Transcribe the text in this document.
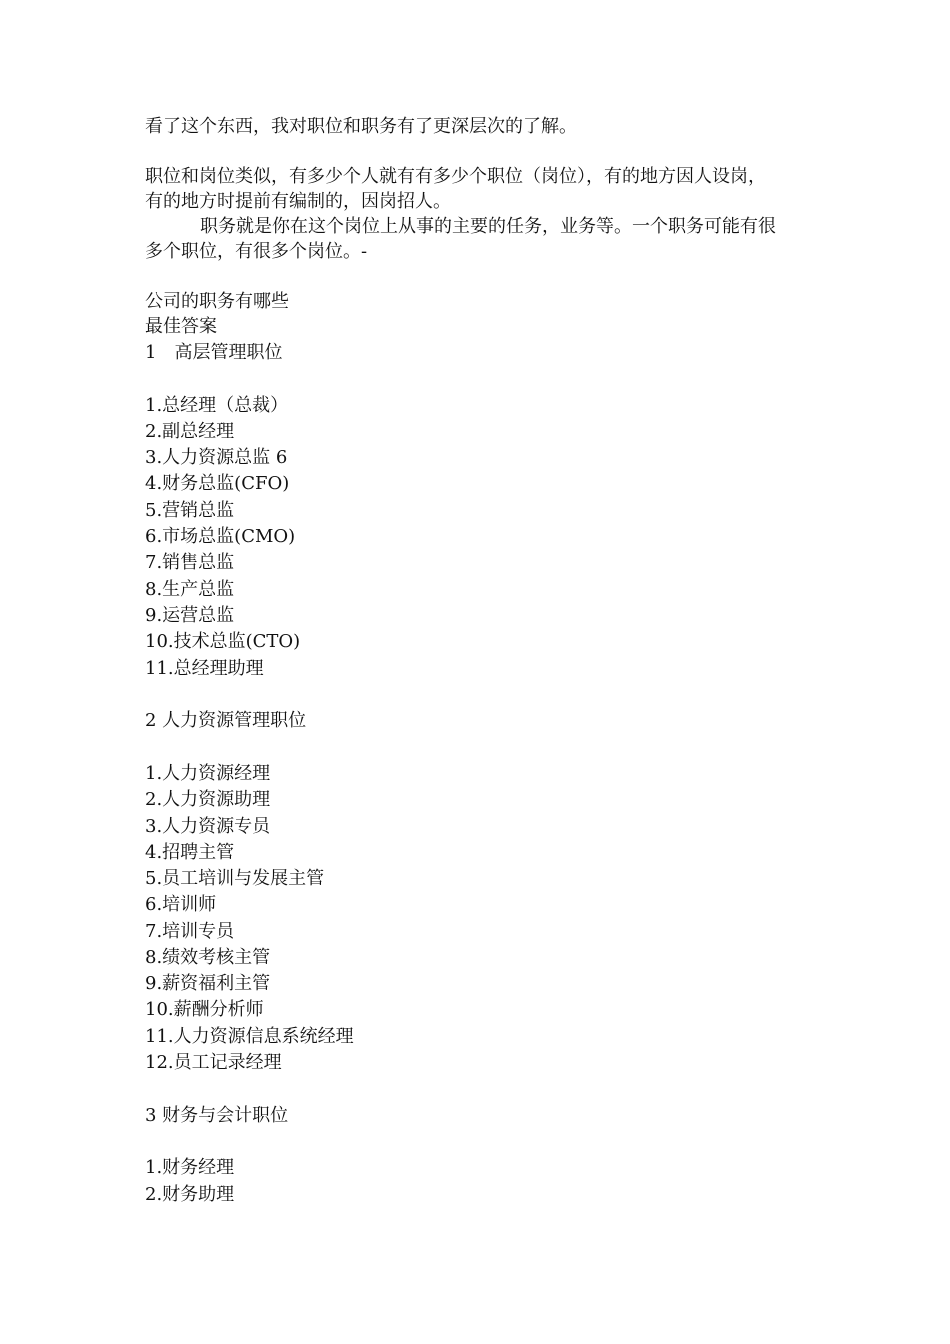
看了这个东西，我对职位和职务有了更深层次的了解。

职位和岗位类似，有多少个人就有有多少个职位（岗位），有的地方因人设岗，

有的地方时提前有编制的，因岗招人。

职务就是你在这个岗位上从事的主要的任务，业务等。一个职务可能有很

多个职位，有很多个岗位。-

公司的职务有哪些

最佳答案

1　高层管理职位

1.总经理（总裁）

2.副总经理

3.人力资源总监 6

4.财务总监(CFO)

5.营销总监

6.市场总监(CMO)

7.销售总监

8.生产总监

9.运营总监

10.技术总监(CTO)

11.总经理助理

2 人力资源管理职位

1.人力资源经理

2.人力资源助理

3.人力资源专员

4.招聘主管

5.员工培训与发展主管

6.培训师

7.培训专员

8.绩效考核主管

9.薪资福利主管

10.薪酬分析师

11.人力资源信息系统经理

12.员工记录经理

3 财务与会计职位

1.财务经理

2.财务助理
